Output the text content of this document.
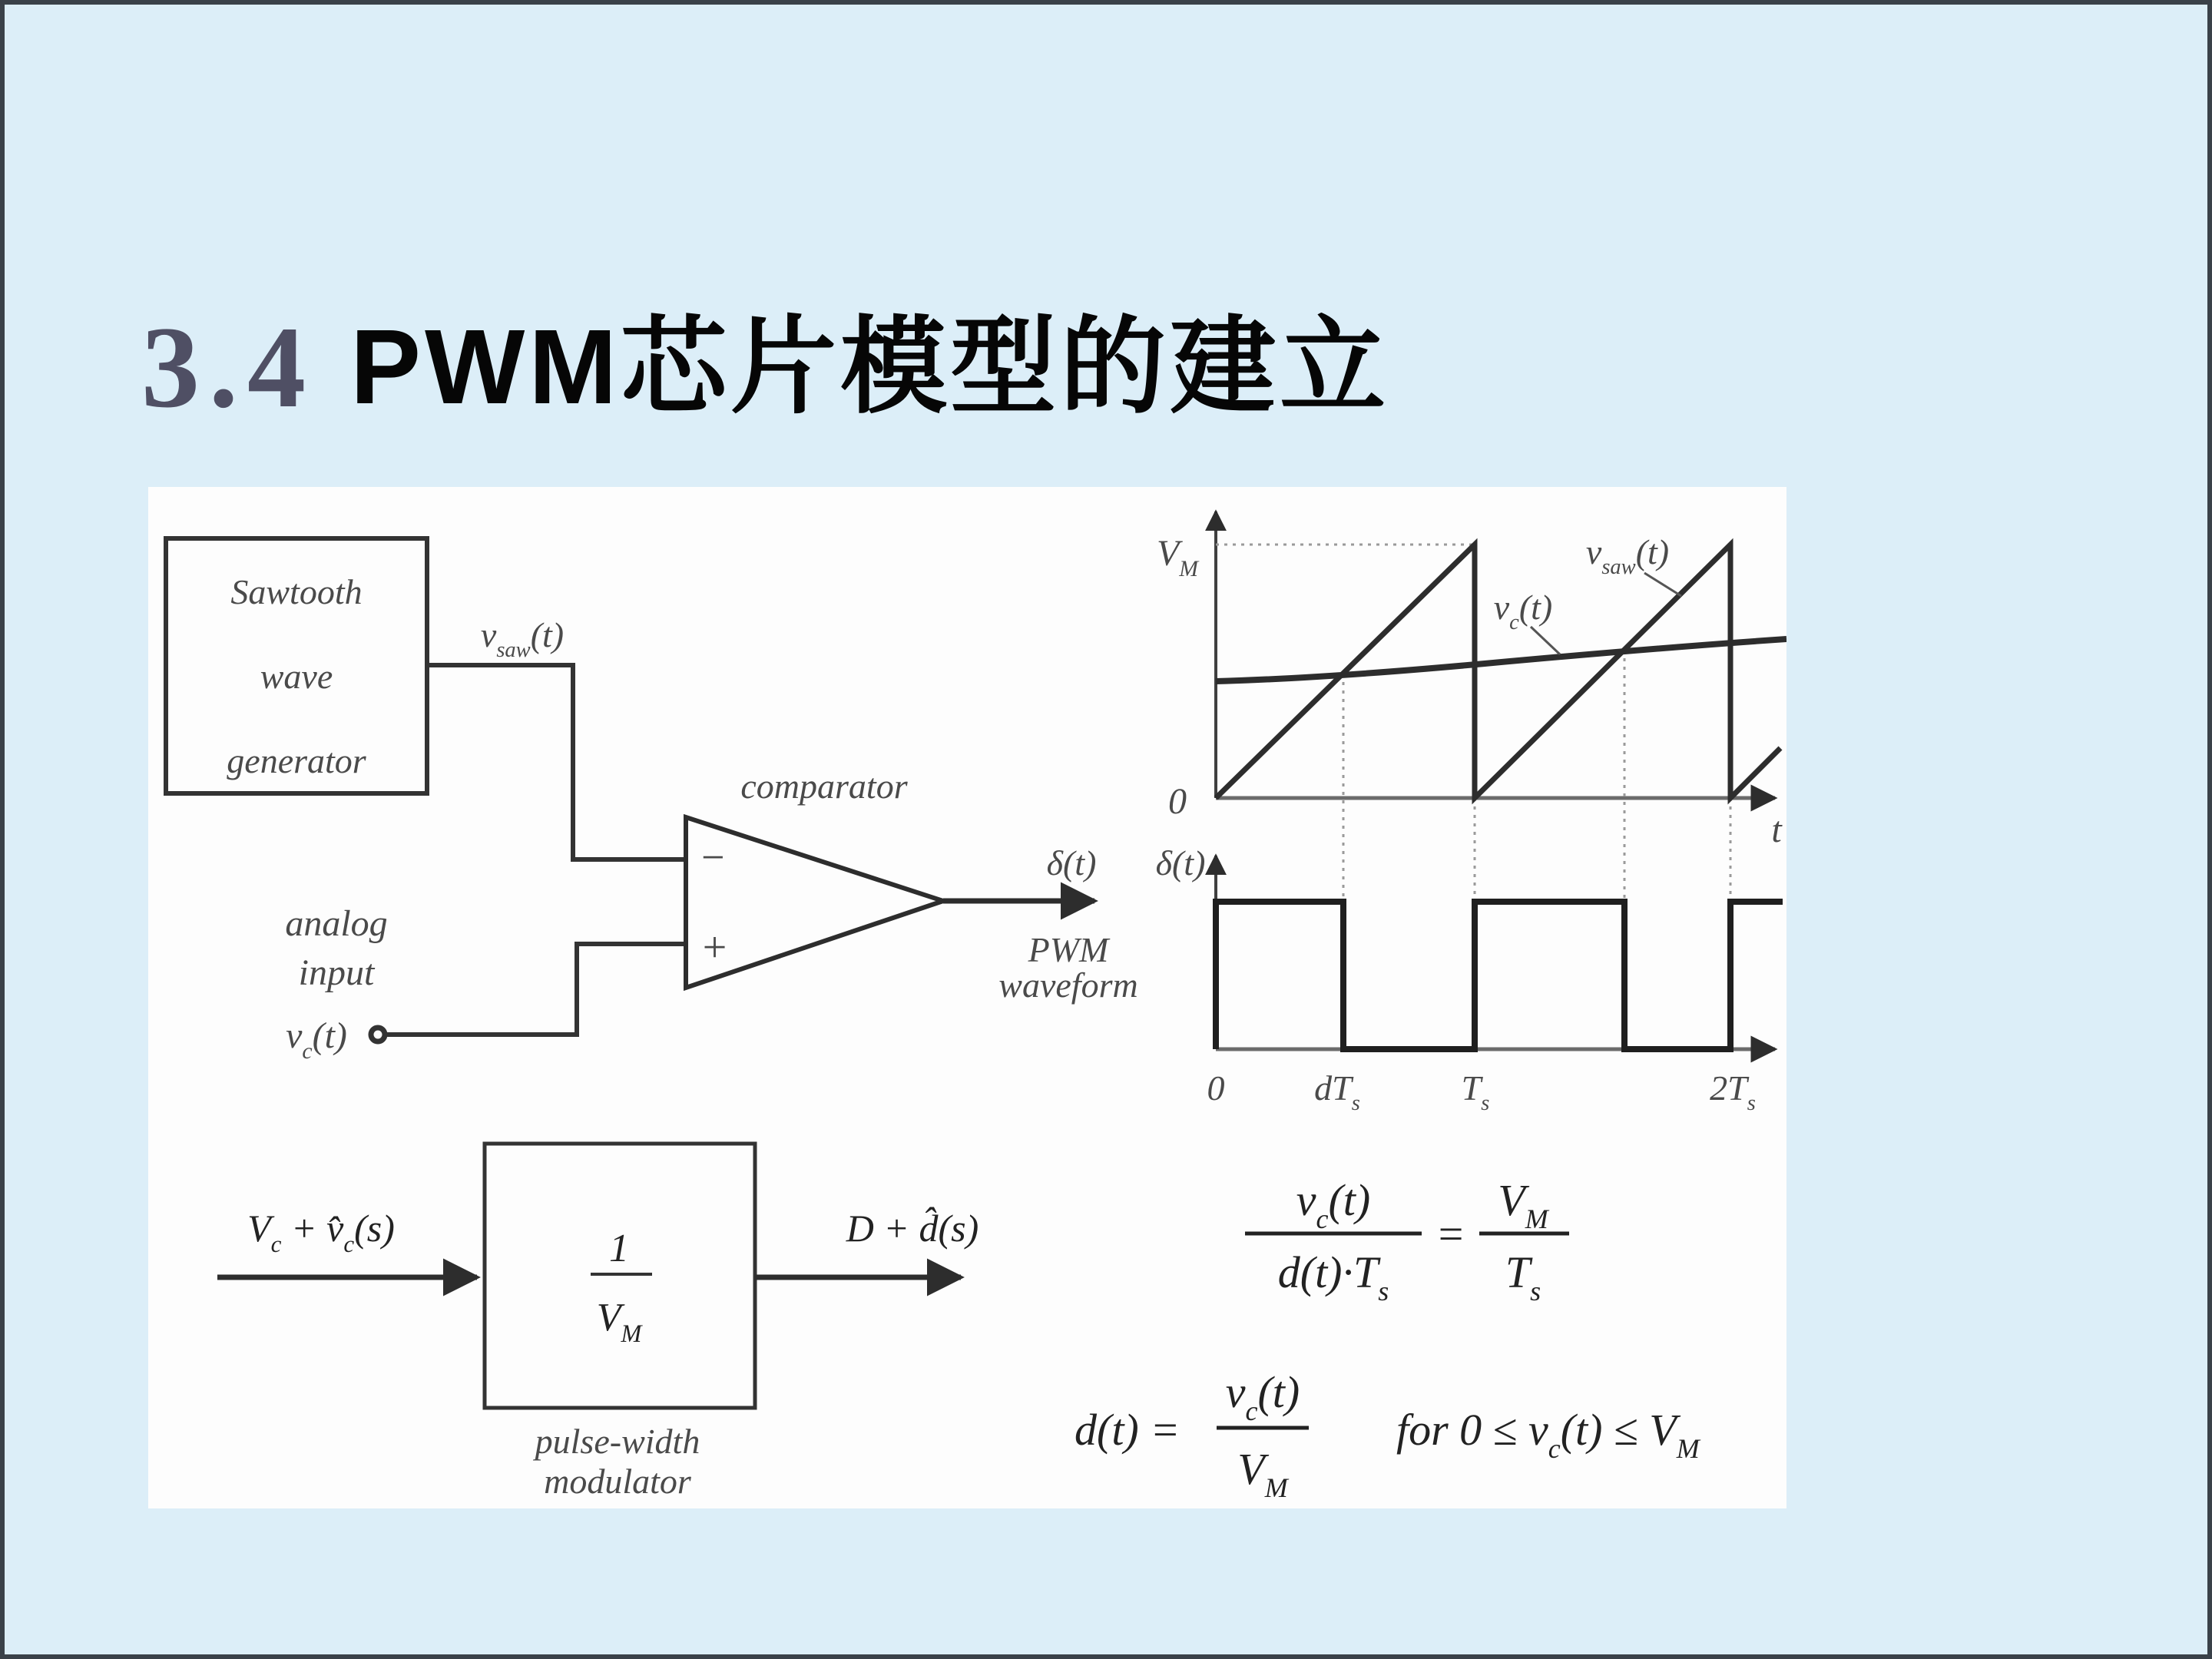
3.4 PWM芯片模型的建立
Sawtooth
wave
generator
$v_{saw}(t)$
analog
input
$v_c(t)$
comparator
−
+
δ(t)
PWM
waveform
$V_M$
0
t
$v_{saw}(t)$
$v_c(t)$
δ(t)
0	$dT_s$	$T_s$	$2T_s$
1
$V_M$
pulse-width
modulator
$V_c$ + $v̂_c(s)$	D + d̂(s)
$v_c(t)$
$d(t)\cdot T_s$
=
$V_M$
$T_s$
d(t) =
$v_c(t)$
$V_M$
for $0 \le v_c(t) \le V_M$
